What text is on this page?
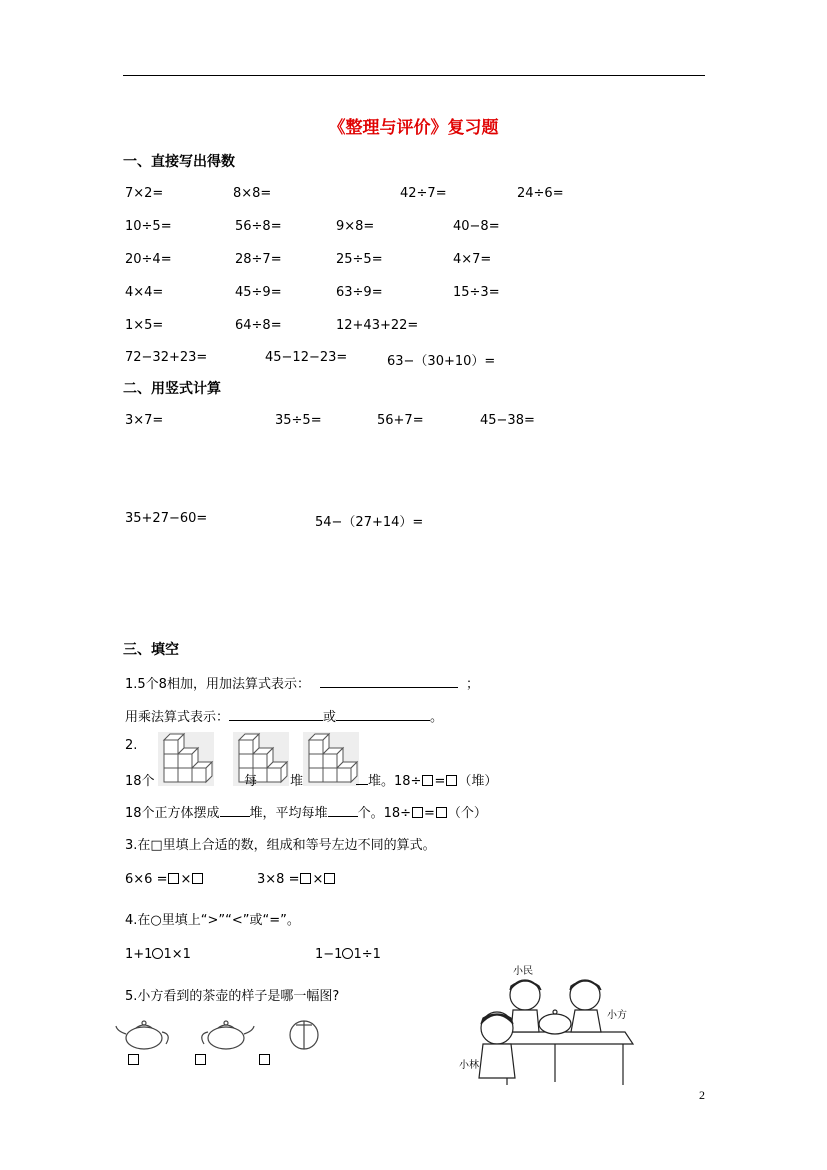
《整理与评价》复习题
一、直接写出得数
7×2=	8×8=	42÷7=	24÷6=
10÷5=	56÷8=	9×8=	40−8=
20÷4=	28÷7=	25÷5=	4×7=
4×4=	45÷9=	63÷9=	15÷3=
1×5=	64÷8=	12+43+22=
72−32+23=	45−12−23=	63−（30+10）=
二、用竖式计算
3×7=	35÷5=	56+7=	45−38=
35+27−60=	54−（27+14）=
三、填空
1.5个8相加，用加法算式表示：	；
用乘法算式表示：	或	。
2.
18个	每	堆	堆。18÷ = （堆）
18个正方体摆成 堆，平均每堆 个。18÷ = （个）
3.在□里填上合适的数，组成和等号左边不同的算式。
6×6 = ×	3×8 = ×
4.在○里填上“>”“<”或“=”。
1+1 1×1	1−1 1÷1
5.小方看到的茶壶的样子是哪一幅图?
小民
小方
小林
2
